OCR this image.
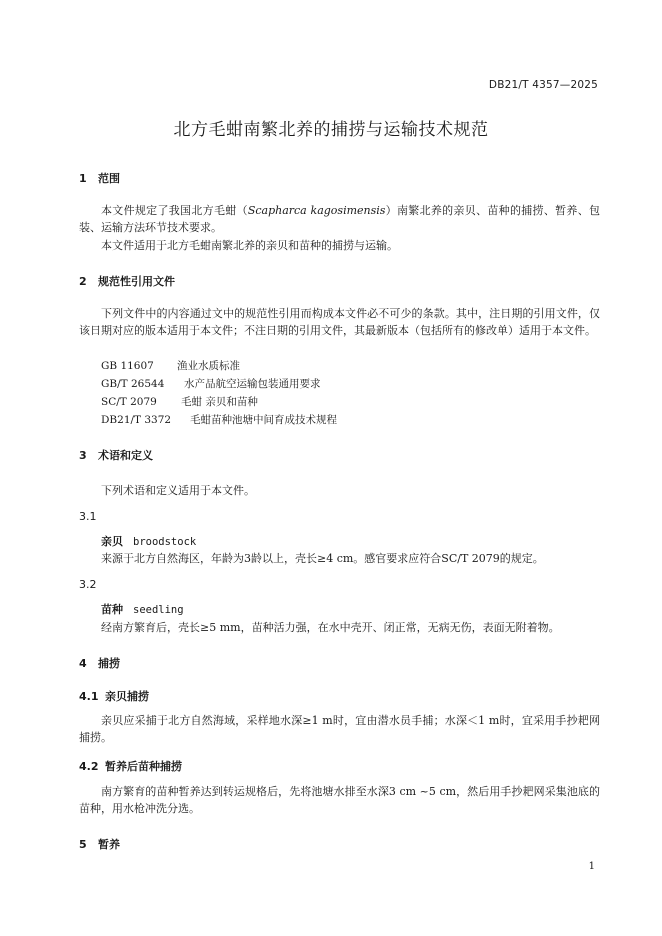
DB21/T 4357—2025
北方毛蚶南繁北养的捕捞与运输技术规范
1 范围
本文件规定了我国北方毛蚶（Scapharca kagosimensis）南繁北养的亲贝、苗种的捕捞、暂养、包装、运输方法环节技术要求。
本文件适用于北方毛蚶南繁北养的亲贝和苗种的捕捞与运输。
2 规范性引用文件
下列文件中的内容通过文中的规范性引用而构成本文件必不可少的条款。其中，注日期的引用文件，仅该日期对应的版本适用于本文件；不注日期的引用文件，其最新版本（包括所有的修改单）适用于本文件。
GB 11607 渔业水质标准
GB/T 26544 水产品航空运输包装通用要求
SC/T 2079 毛蚶 亲贝和苗种
DB21/T 3372 毛蚶苗种池塘中间育成技术规程
3 术语和定义
下列术语和定义适用于本文件。
3.1
亲贝 broodstock
来源于北方自然海区，年龄为3龄以上，壳长≥4 cm。感官要求应符合SC/T 2079的规定。
3.2
苗种 seedling
经南方繁育后，壳长≥5 mm，苗种活力强，在水中壳开、闭正常，无病无伤，表面无附着物。
4 捕捞
4.1 亲贝捕捞
亲贝应采捕于北方自然海域，采样地水深≥1 m时，宜由潜水员手捕；水深＜1 m时，宜采用手抄耙网捕捞。
4.2 暂养后苗种捕捞
南方繁育的苗种暂养达到转运规格后，先将池塘水排至水深3 cm ~5 cm，然后用手抄耙网采集池底的苗种，用水枪冲洗分选。
5 暂养
1
